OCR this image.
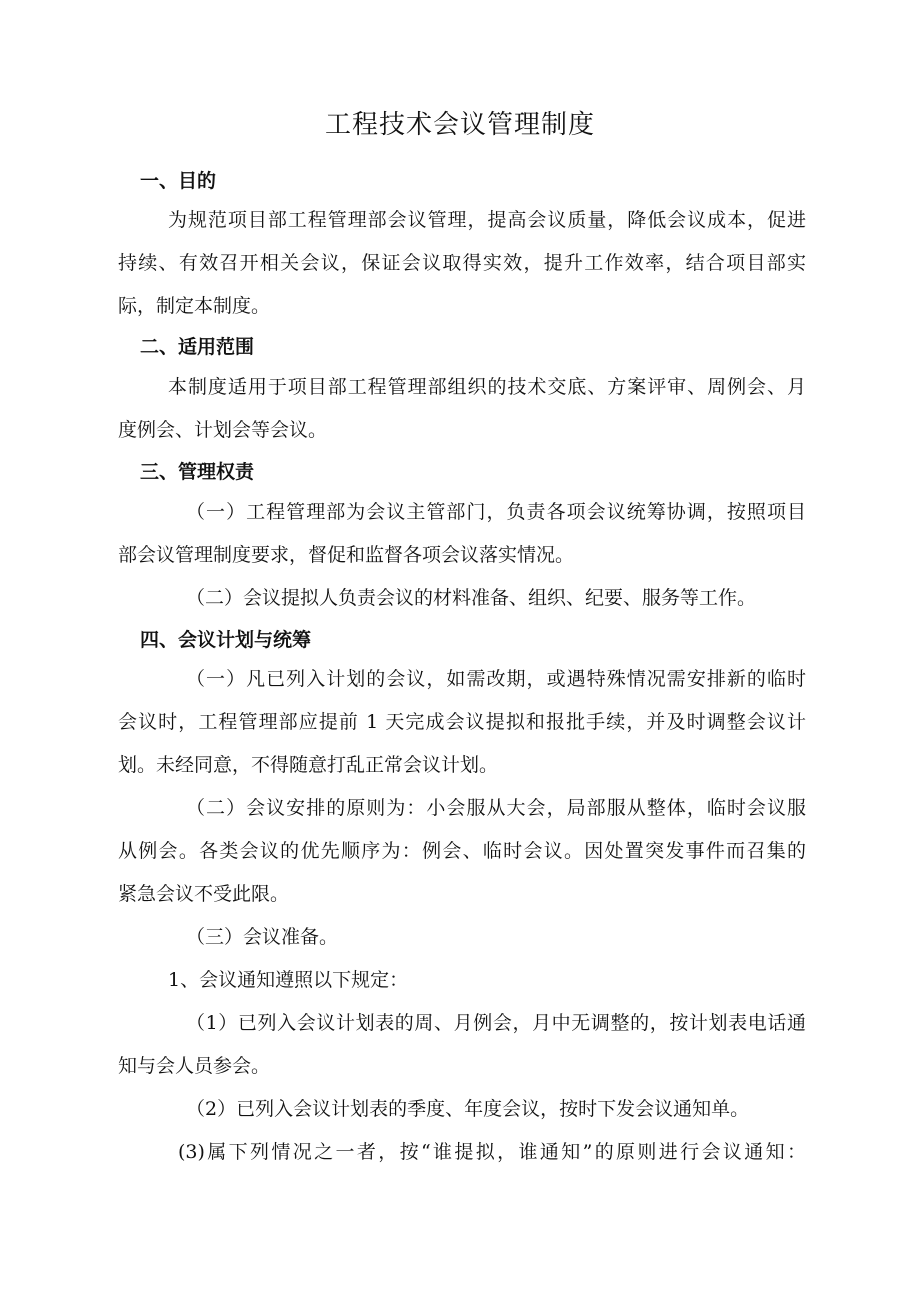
工程技术会议管理制度
一、目的
为规范项目部工程管理部会议管理，提高会议质量，降低会议成本，促进
持续、有效召开相关会议，保证会议取得实效，提升工作效率，结合项目部实
际，制定本制度。
二、适用范围
本制度适用于项目部工程管理部组织的技术交底、方案评审、周例会、月
度例会、计划会等会议。
三、管理权责
（一）工程管理部为会议主管部门，负责各项会议统筹协调，按照项目
部会议管理制度要求，督促和监督各项会议落实情况。
（二）会议提拟人负责会议的材料准备、组织、纪要、服务等工作。
四、会议计划与统筹
（一）凡已列入计划的会议，如需改期，或遇特殊情况需安排新的临时
会议时，工程管理部应提前 1 天完成会议提拟和报批手续，并及时调整会议计
划。未经同意，不得随意打乱正常会议计划。
（二）会议安排的原则为：小会服从大会，局部服从整体，临时会议服
从例会。各类会议的优先顺序为：例会、临时会议。因处置突发事件而召集的
紧急会议不受此限。
（三）会议准备。
1、会议通知遵照以下规定：
（1）已列入会议计划表的周、月例会，月中无调整的，按计划表电话通
知与会人员参会。
（2）已列入会议计划表的季度、年度会议，按时下发会议通知单。
(3)属下列情况之一者，按“谁提拟，谁通知”的原则进行会议通知：
